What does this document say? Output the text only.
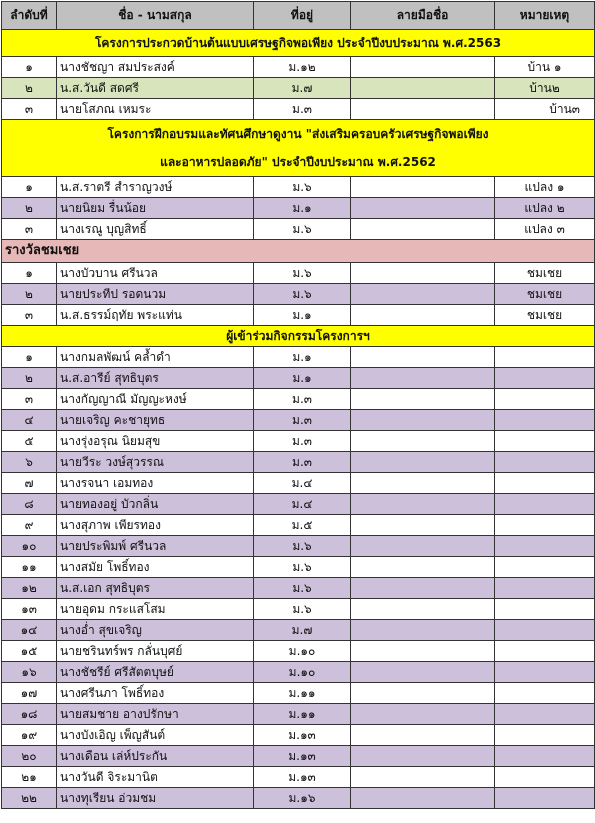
ลำดับที่	ชื่อ - นามสกุล	ที่อยู่	ลายมือชื่อ	หมายเหตุ
โครงการประกวดบ้านต้นแบบเศรษฐกิจพอเพียง ประจำปีงบประมาณ พ.ศ.2563				
๑	นางชัชญา สมประสงค์	ม.๑๒		บ้าน ๑
๒	น.ส.วันดี สดศรี	ม.๗		บ้าน๒
๓	นายโสภณ เหมระ	ม.๓		บ้าน๓

โครงการฝึกอบรมและทัศนศึกษาดูงาน "ส่งเสริมครอบครัวเศรษฐกิจพอเพียง
และอาหารปลอดภัย" ประจำปีงบประมาณ พ.ศ.2562				

๑	น.ส.ราตรี สำราญวงษ์	ม.๖		แปลง ๑
๒	นายนิยม รื่นน้อย	ม.๑		แปลง ๒
๓	นางเรณู บุญสิทธิ์	ม.๖		แปลง ๓
รางวัลชมเชย				
๑	นางบัวบาน ศรีนวล	ม.๖		ชมเชย
๒	นายประทีป รอดนวม	ม.๖		ชมเชย
๓	น.ส.ธรรม์ฤทัย พระแท่น	ม.๑		ชมเชย
ผู้เข้าร่วมกิจกรรมโครงการฯ				
๑	นางกมลพัฒน์ คล้ำดำ	ม.๑		
๒	น.ส.อารีย์ สุทธิบุตร	ม.๑		
๓	นางกัญญาณี มัญญะหงษ์	ม.๓		
๔	นายเจริญ คะชายุทธ	ม.๓		
๕	นางรุ่งอรุณ นิยมสุข	ม.๓		
๖	นายวีระ วงษ์สุวรรณ	ม.๓		
๗	นางรจนา เอมทอง	ม.๔		
๘	นายทองอยู่ บัวกลิ่น	ม.๔		
๙	นางสุภาพ เพียรทอง	ม.๕		
๑๐	นายประพิมพ์ ศรีนวล	ม.๖		
๑๑	นางสมัย โพธิ์ทอง	ม.๖		
๑๒	น.ส.เอก สุทธิบุตร	ม.๖		
๑๓	นายอุดม กระแสโสม	ม.๖		
๑๔	นางอ่ำ สุขเจริญ	ม.๗		
๑๕	นายชรินทร์พร กลั่นบุศย์	ม.๑๐		
๑๖	นางชัชรีย์ ศรีสัตตบุษย์	ม.๑๐		
๑๗	นางศรีนภา โพธิ์ทอง	ม.๑๑		
๑๘	นายสมชาย อางปรักษา	ม.๑๑		
๑๙	นางบังเอิญ เพ็ญสันต์	ม.๑๓		
๒๐	นางเดือน เล่ห์ประกัน	ม.๑๓		
๒๑	นางวันดี จิระมานิต	ม.๑๓		
๒๒	นางทุเรียน อ่วมชม	ม.๑๖		
